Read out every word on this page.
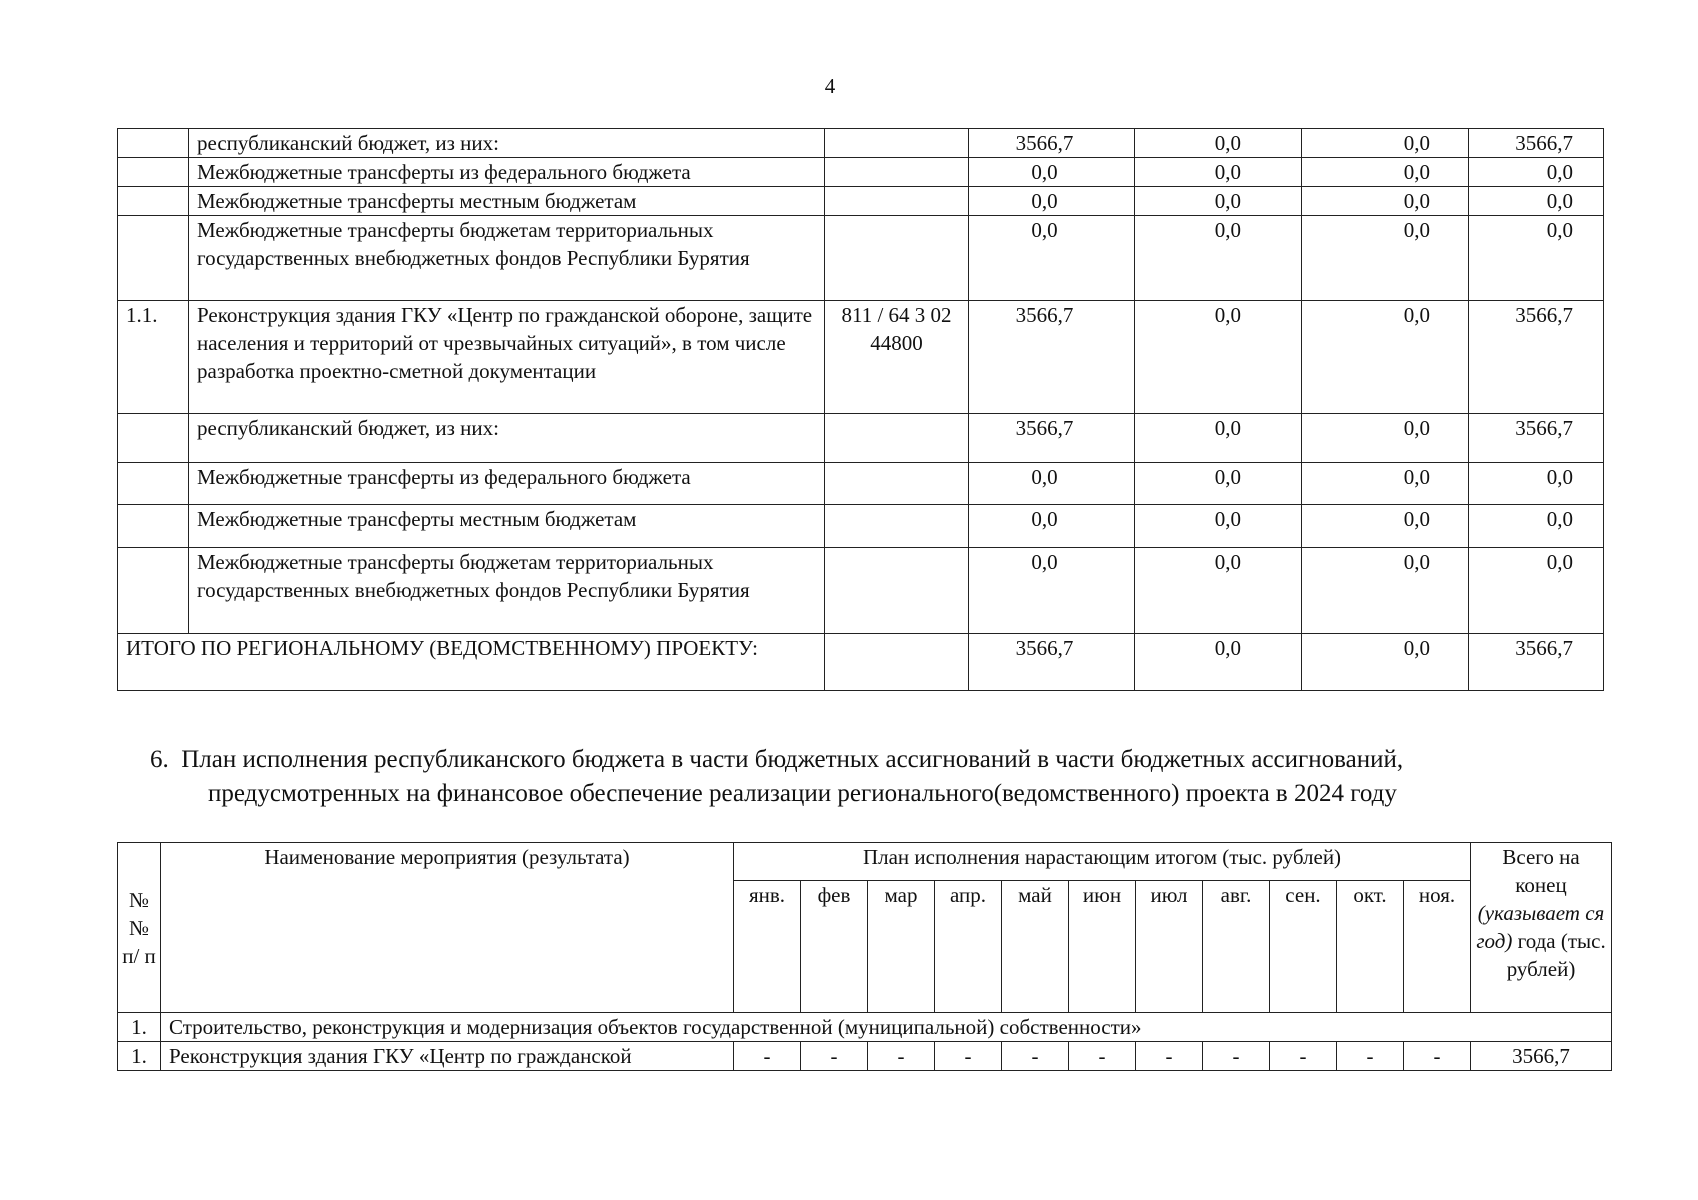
4
	республиканский бюджет, из них:		3566,7	0,0	0,0	3566,7
	Межбюджетные трансферты из федерального бюджета		0,0	0,0	0,0	0,0
	Межбюджетные трансферты местным бюджетам		0,0	0,0	0,0	0,0
	Межбюджетные трансферты бюджетам территориальных государственных внебюджетных фондов Республики Бурятия		0,0	0,0	0,0	0,0
1.1.	Реконструкция здания ГКУ «Центр по гражданской обороне, защите населения и территорий от чрезвычайных ситуаций», в том числе разработка проектно-сметной документации	811 / 64 3 02 44800	3566,7	0,0	0,0	3566,7
	республиканский бюджет, из них:		3566,7	0,0	0,0	3566,7
	Межбюджетные трансферты из федерального бюджета		0,0	0,0	0,0	0,0
	Межбюджетные трансферты местным бюджетам		0,0	0,0	0,0	0,0
	Межбюджетные трансферты бюджетам территориальных государственных внебюджетных фондов Республики Бурятия		0,0	0,0	0,0	0,0
ИТОГО ПО РЕГИОНАЛЬНОМУ (ВЕДОМСТВЕННОМУ) ПРОЕКТУ:			3566,7	0,0	0,0	3566,7
6. План исполнения республиканского бюджета в части бюджетных ассигнований в части бюджетных ассигнований,
предусмотренных на финансовое обеспечение реализации регионального(ведомственного) проекта в 2024 году
№ № п/ п	Наименование мероприятия (результата)	План исполнения нарастающим итогом (тыс. рублей)											Всего на конец (указывает ся год) года (тыс. рублей)
		янв.	фев	мар	апр.	май	июн	июл	авг.	сен.	окт.	ноя.	
1.	Строительство, реконструкция и модернизация объектов государственной (муниципальной) собственности»												
1.	Реконструкция здания ГКУ «Центр по гражданской	-	-	-	-	-	-	-	-	-	-	-	3566,7
